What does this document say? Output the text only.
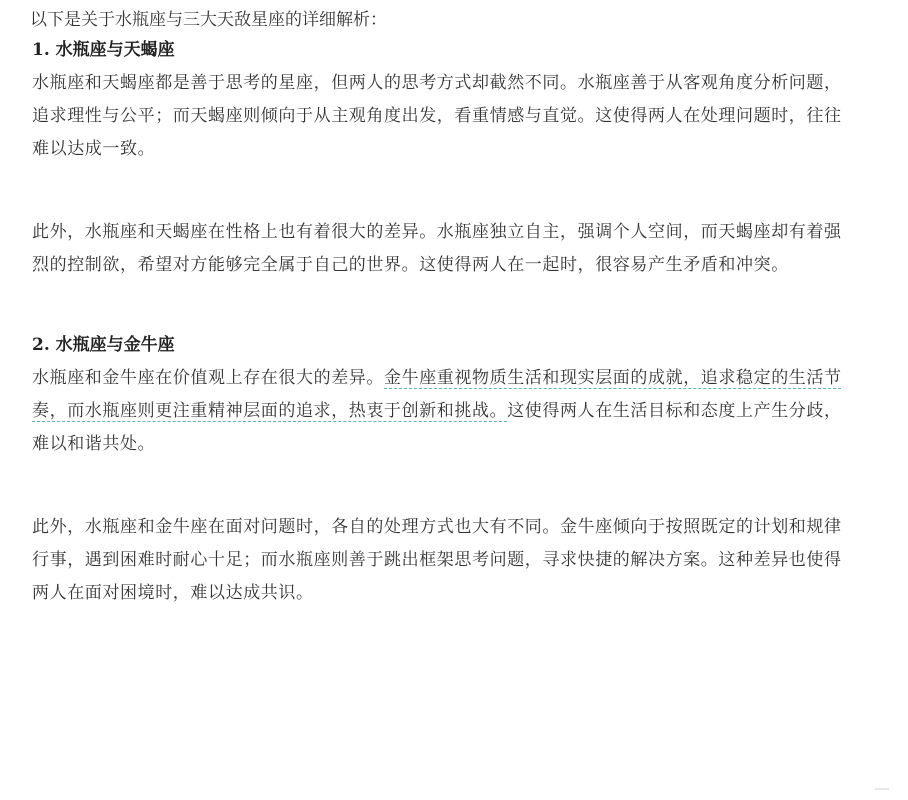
以下是关于水瓶座与三大天敌星座的详细解析：

1. 水瓶座与天蝎座

水瓶座和天蝎座都是善于思考的星座，但两人的思考方式却截然不同。水瓶座善于从客观角度分析问题，追求理性与公平；而天蝎座则倾向于从主观角度出发，看重情感与直觉。这使得两人在处理问题时，往往难以达成一致。

此外，水瓶座和天蝎座在性格上也有着很大的差异。水瓶座独立自主，强调个人空间，而天蝎座却有着强烈的控制欲，希望对方能够完全属于自己的世界。这使得两人在一起时，很容易产生矛盾和冲突。

2. 水瓶座与金牛座

水瓶座和金牛座在价值观上存在很大的差异。金牛座重视物质生活和现实层面的成就，追求稳定的生活节奏，而水瓶座则更注重精神层面的追求，热衷于创新和挑战。这使得两人在生活目标和态度上产生分歧，难以和谐共处。

此外，水瓶座和金牛座在面对问题时，各自的处理方式也大有不同。金牛座倾向于按照既定的计划和规律行事，遇到困难时耐心十足；而水瓶座则善于跳出框架思考问题，寻求快捷的解决方案。这种差异也使得两人在面对困境时，难以达成共识。
